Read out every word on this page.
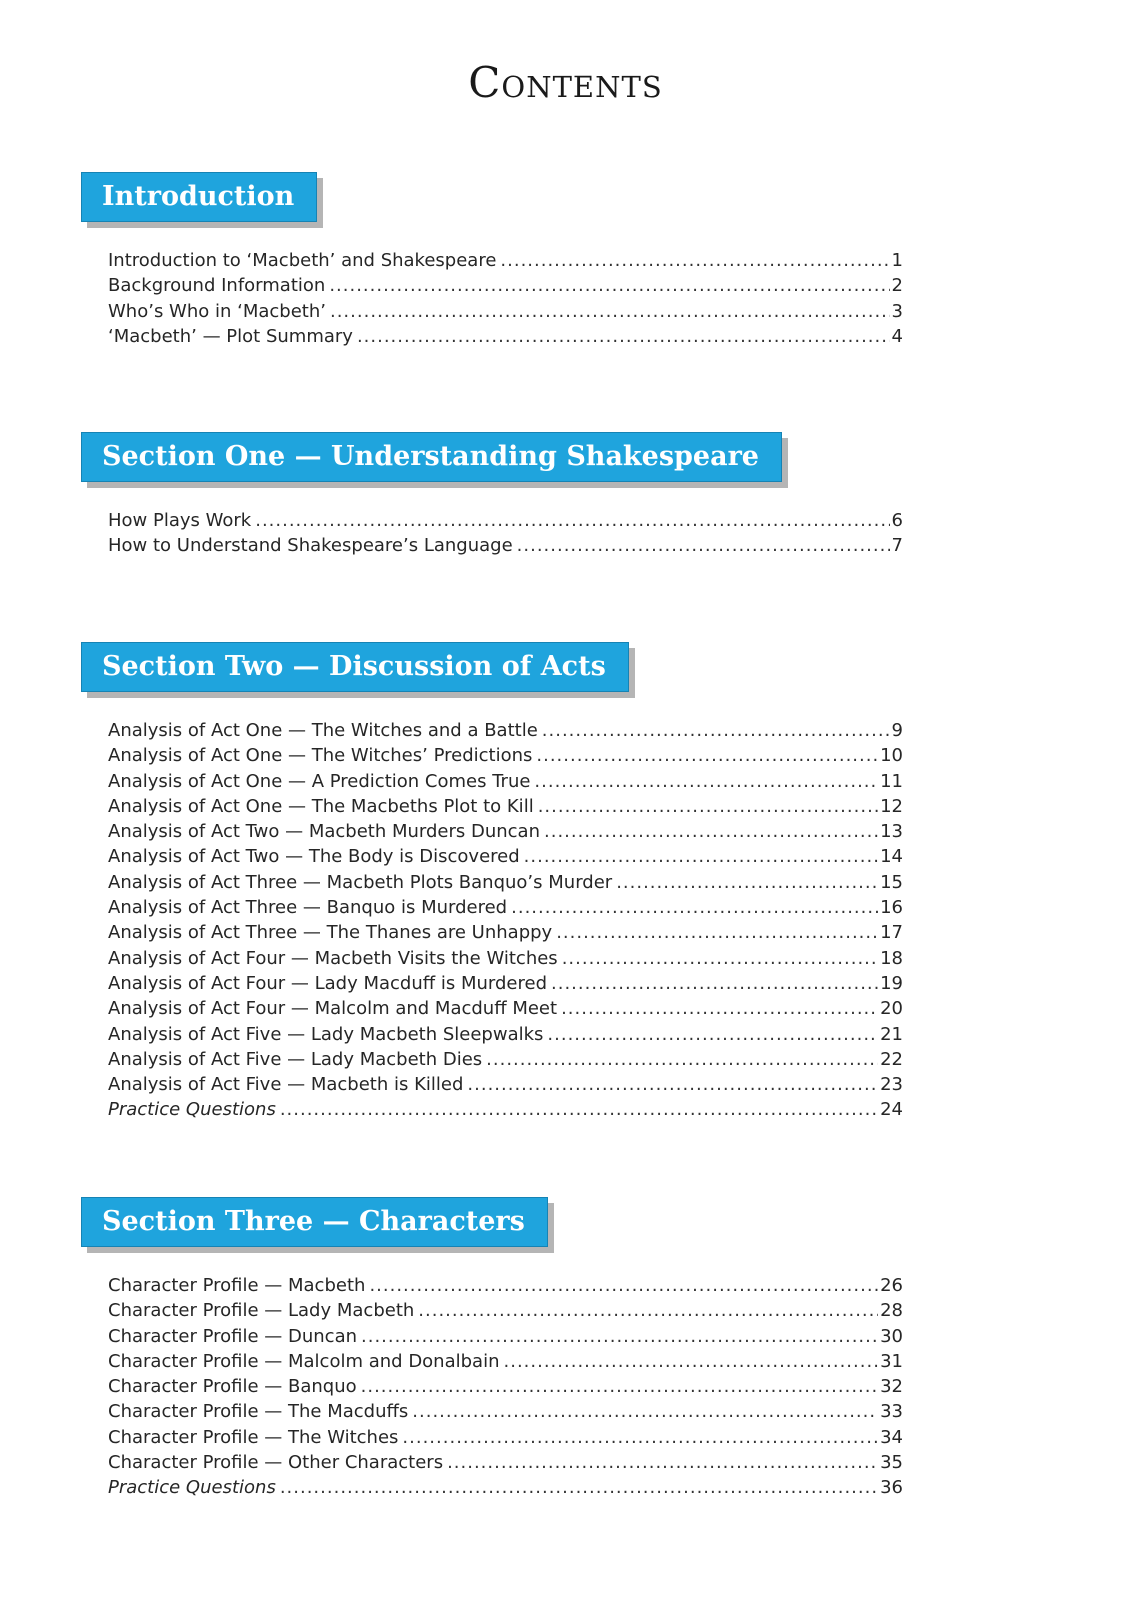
Contents
Introduction
Introduction to ‘Macbeth’ and Shakespeare .....	1
Background Information .....	2
Who’s Who in ‘Macbeth’ .....	3
‘Macbeth’ — Plot Summary .....	4
Section One — Understanding Shakespeare
How Plays Work .....	6
How to Understand Shakespeare’s Language .....	7
Section Two — Discussion of Acts
Analysis of Act One — The Witches and a Battle .....	9
Analysis of Act One — The Witches’ Predictions .....	10
Analysis of Act One — A Prediction Comes True .....	11
Analysis of Act One — The Macbeths Plot to Kill .....	12
Analysis of Act Two — Macbeth Murders Duncan .....	13
Analysis of Act Two — The Body is Discovered .....	14
Analysis of Act Three — Macbeth Plots Banquo’s Murder .....	15
Analysis of Act Three — Banquo is Murdered .....	16
Analysis of Act Three — The Thanes are Unhappy .....	17
Analysis of Act Four — Macbeth Visits the Witches .....	18
Analysis of Act Four — Lady Macduff is Murdered .....	19
Analysis of Act Four — Malcolm and Macduff Meet .....	20
Analysis of Act Five — Lady Macbeth Sleepwalks .....	21
Analysis of Act Five — Lady Macbeth Dies .....	22
Analysis of Act Five — Macbeth is Killed .....	23
Practice Questions .....	24
Section Three — Characters
Character Profile — Macbeth .....	26
Character Profile — Lady Macbeth .....	28
Character Profile — Duncan .....	30
Character Profile — Malcolm and Donalbain .....	31
Character Profile — Banquo .....	32
Character Profile — The Macduffs .....	33
Character Profile — The Witches .....	34
Character Profile — Other Characters .....	35
Practice Questions .....	36
